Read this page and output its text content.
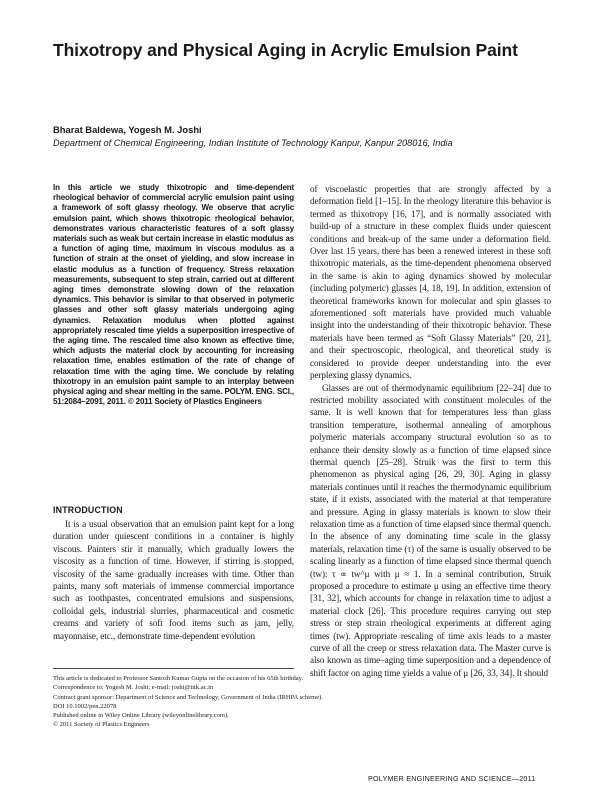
Thixotropy and Physical Aging in Acrylic Emulsion Paint
Bharat Baldewa, Yogesh M. Joshi
Department of Chemical Engineering, Indian Institute of Technology Kanpur, Kanpur 208016, India
In this article we study thixotropic and time-dependent rheological behavior of commercial acrylic emulsion paint using a framework of soft glassy rheology. We observe that acrylic emulsion paint, which shows thixotropic rheological behavior, demonstrates various characteristic features of a soft glassy materials such as weak but certain increase in elastic modulus as a function of aging time, maximum in viscous modulus as a function of strain at the onset of yielding, and slow increase in elastic modulus as a function of frequency. Stress relaxation measurements, subsequent to step strain, carried out at different aging times demonstrate slowing down of the relaxation dynamics. This behavior is similar to that observed in polymeric glasses and other soft glassy materials undergoing aging dynamics. Relaxation modulus when plotted against appropriately rescaled time yields a superposition irrespective of the aging time. The rescaled time also known as effective time, which adjusts the material clock by accounting for increasing relaxation time, enables estimation of the rate of change of relaxation time with the aging time. We conclude by relating thixotropy in an emulsion paint sample to an interplay between physical aging and shear melting in the same. POLYM. ENG. SCI., 51:2084–2091, 2011. © 2011 Society of Plastics Engineers
INTRODUCTION

It is a usual observation that an emulsion paint kept for a long duration under quiescent conditions in a container is highly viscous. Painters stir it manually, which gradually lowers the viscosity as a function of time. However, if stirring is stopped, viscosity of the same gradually increases with time. Other than paints, many soft materials of immense commercial importance such as toothpastes, concentrated emulsions and suspensions, colloidal gels, industrial slurries, pharmaceutical and cosmetic creams and variety of soft food items such as jam, jelly, mayonnaise, etc., demonstrate time-dependent evolution

This article is dedicated to Professor Santosh Kumar Gupta on the occasion of his 65th birthday.
Correspondence to: Yogesh M. Joshi; e-mail: joshi@iitk.ac.in
Contract grant sponsor: Department of Science and Technology, Government of India (IRHPA scheme).
DOI 10.1002/pen.22078
Published online in Wiley Online Library (wileyonlinelibrary.com).
© 2011 Society of Plastics Engineers

of viscoelastic properties that are strongly affected by a deformation field [1–15]. In the rheology literature this behavior is termed as thixotropy [16, 17], and is normally associated with build-up of a structure in these complex fluids under quiescent conditions and break-up of the same under a deformation field. Over last 15 years, there has been a renewed interest in these soft thixotropic materials, as the time-dependent phenomena observed in the same is akin to aging dynamics showed by molecular (including polymeric) glasses [4, 18, 19]. In addition, extension of theoretical frameworks known for molecular and spin glasses to aforementioned soft materials have provided much valuable insight into the understanding of their thixotropic behavior. These materials have been termed as “Soft Glassy Materials” [20, 21], and their spectroscopic, rheological, and theoretical study is considered to provide deeper understanding into the ever perplexing glassy dynamics.

Glasses are out of thermodynamic equilibrium [22–24] due to restricted mobility associated with constituent molecules of the same. It is well known that for temperatures less than glass transition temperature, isothermal annealing of amorphous polymeric materials accompany structural evolution so as to enhance their density slowly as a function of time elapsed since thermal quench [25–28]. Struik was the first to term this phenomenon as physical aging [26, 29, 30]. Aging in glassy materials continues until it reaches the thermodynamic equilibrium state, if it exists, associated with the material at that temperature and pressure. Aging in glassy materials is known to slow their relaxation time as a function of time elapsed since thermal quench. In the absence of any dominating time scale in the glassy materials, relaxation time (τ) of the same is usually observed to be scaling linearly as a function of time elapsed since thermal quench (tw): τ ∝ tw^μ with μ ≈ 1. In a seminal contribution, Struik proposed a procedure to estimate μ using an effective time theory [31, 32], which accounts for change in relaxation time to adjust a material clock [26]. This procedure requires carrying out step stress or step strain rheological experiments at different aging times (tw). Appropriate rescaling of time axis leads to a master curve of all the creep or stress relaxation data. The Master curve is also known as time–aging time superposition and a dependence of shift factor on aging time yields a value of μ [26, 33, 34]. It should

POLYMER ENGINEERING AND SCIENCE—2011
